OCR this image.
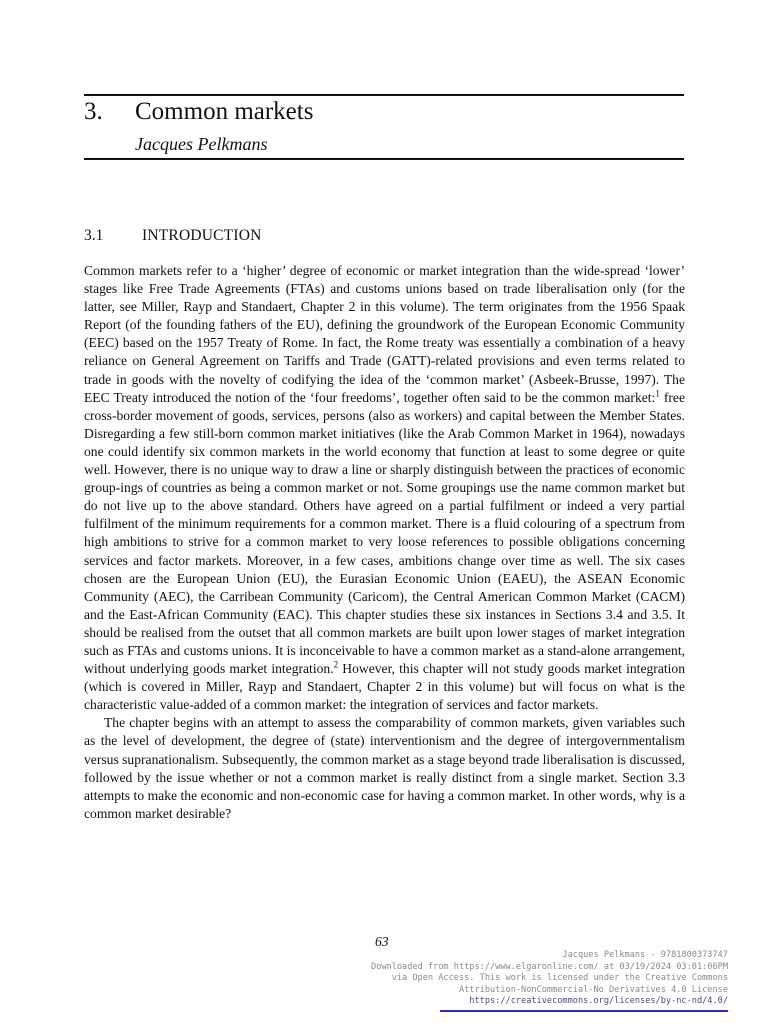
3. Common markets
Jacques Pelkmans
3.1 INTRODUCTION

Common markets refer to a ‘higher’ degree of economic or market integration than the wide-spread ‘lower’ stages like Free Trade Agreements (FTAs) and customs unions based on trade liberalisation only (for the latter, see Miller, Rayp and Standaert, Chapter 2 in this volume). The term originates from the 1956 Spaak Report (of the founding fathers of the EU), defining the groundwork of the European Economic Community (EEC) based on the 1957 Treaty of Rome. In fact, the Rome treaty was essentially a combination of a heavy reliance on General Agreement on Tariffs and Trade (GATT)-related provisions and even terms related to trade in goods with the novelty of codifying the idea of the ‘common market’ (Asbeek-Brusse, 1997). The EEC Treaty introduced the notion of the ‘four freedoms’, together often said to be the common market:$^1$ free cross-border movement of goods, services, persons (also as workers) and capital between the Member States. Disregarding a few still-born common market initiatives (like the Arab Common Market in 1964), nowadays one could identify six common markets in the world economy that function at least to some degree or quite well. However, there is no unique way to draw a line or sharply distinguish between the practices of economic group-ings of countries as being a common market or not. Some groupings use the name common market but do not live up to the above standard. Others have agreed on a partial fulfilment or indeed a very partial fulfilment of the minimum requirements for a common market. There is a fluid colouring of a spectrum from high ambitions to strive for a common market to very loose references to possible obligations concerning services and factor markets. Moreover, in a few cases, ambitions change over time as well. The six cases chosen are the European Union (EU), the Eurasian Economic Union (EAEU), the ASEAN Economic Community (AEC), the Carribean Community (Caricom), the Central American Common Market (CACM) and the East-African Community (EAC). This chapter studies these six instances in Sections 3.4 and 3.5. It should be realised from the outset that all common markets are built upon lower stages of market integration such as FTAs and customs unions. It is inconceivable to have a common market as a stand-alone arrangement, without underlying goods market integration.$^2$ However, this chapter will not study goods market integration (which is covered in Miller, Rayp and Standaert, Chapter 2 in this volume) but will focus on what is the characteristic value-added of a common market: the integration of services and factor markets.

The chapter begins with an attempt to assess the comparability of common markets, given variables such as the level of development, the degree of (state) interventionism and the degree of intergovernmentalism versus supranationalism. Subsequently, the common market as a stage beyond trade liberalisation is discussed, followed by the issue whether or not a common market is really distinct from a single market. Section 3.3 attempts to make the economic and non-economic case for having a common market. In other words, why is a common market desirable?

63
Jacques Pelkmans - 9781800373747
Downloaded from https://www.elgaronline.com/ at 03/19/2024 03:01:06PM
via Open Access. This work is licensed under the Creative Commons
Attribution-NonCommercial-No Derivatives 4.0 License
https://creativecommons.org/licenses/by-nc-nd/4.0/
